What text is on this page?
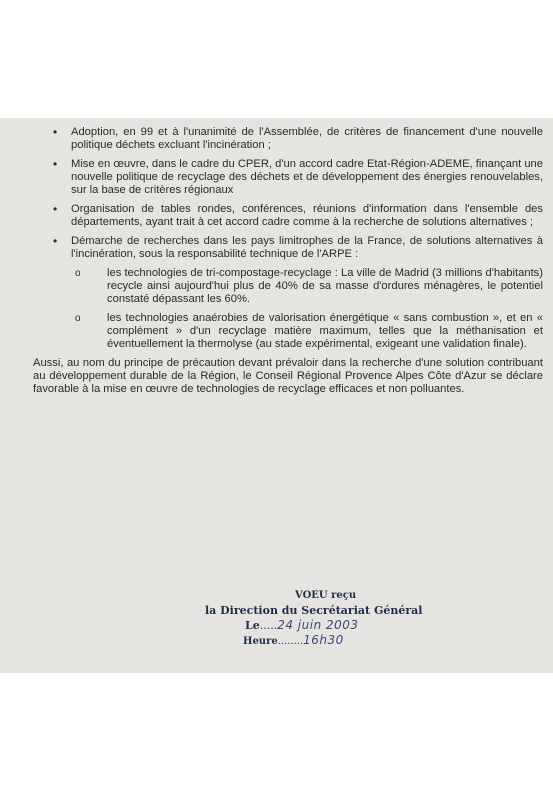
• Adoption, en 99 et à l'unanimité de l'Assemblée, de critères de financement d'une nouvelle politique déchets excluant l'incinération ;
• Mise en œuvre, dans le cadre du CPER, d'un accord cadre Etat-Région-ADEME, finançant une nouvelle politique de recyclage des déchets et de développement des énergies renouvelables, sur la base de critères régionaux
• Organisation de tables rondes, conférences, réunions d'information dans l'ensemble des départements, ayant trait à cet accord cadre comme à la recherche de solutions alternatives ;
• Démarche de recherches dans les pays limitrophes de la France, de solutions alternatives à l'incinération, sous la responsabilité technique de l'ARPE :
o les technologies de tri-compostage-recyclage : La ville de Madrid (3 millions d'habitants) recycle ainsi aujourd'hui plus de 40% de sa masse d'ordures ménagères, le potentiel constaté dépassant les 60%.
o les technologies anaérobies de valorisation énergétique « sans combustion », et en « complément » d'un recyclage matière maximum, telles que la méthanisation et éventuellement la thermolyse (au stade expérimental, exigeant une validation finale).

Aussi, au nom du principe de précaution devant prévaloir dans la recherche d'une solution contribuant au développement durable de la Région, le Conseil Régional Provence Alpes Côte d'Azur se déclare favorable à la mise en œuvre de technologies de recyclage efficaces et non polluantes.

VOEU reçu
la Direction du Secrétariat Général
Le.....24 juin 2003
Heure........16h30
